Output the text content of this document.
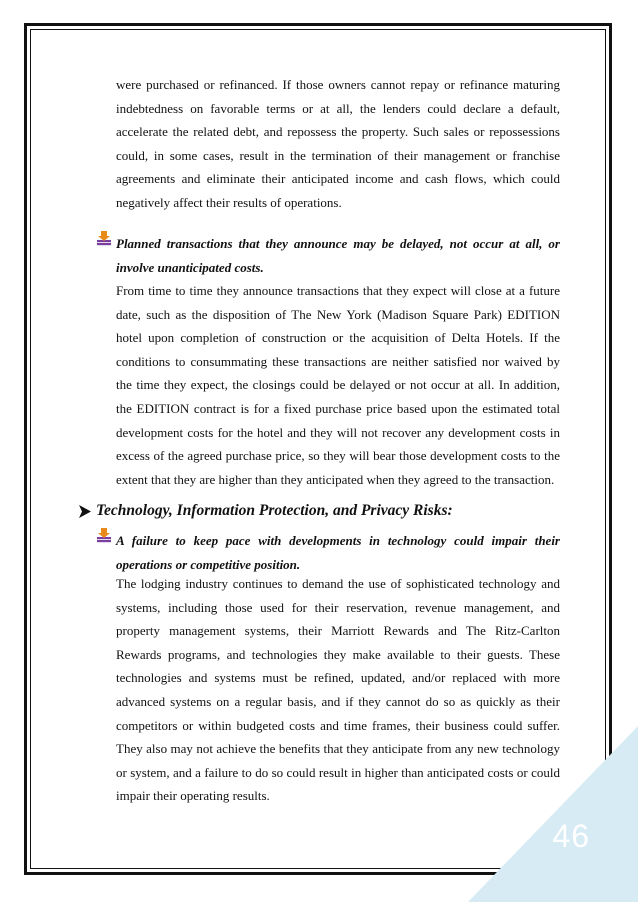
46

were purchased or refinanced. If those owners cannot repay or refinance maturing indebtedness on favorable terms or at all, the lenders could declare a default, accelerate the related debt, and repossess the property. Such sales or repossessions could, in some cases, result in the termination of their management or franchise agreements and eliminate their anticipated income and cash flows, which could negatively affect their results of operations.

Planned transactions that they announce may be delayed, not occur at all, or involve unanticipated costs.

From time to time they announce transactions that they expect will close at a future date, such as the disposition of The New York (Madison Square Park) EDITION hotel upon completion of construction or the acquisition of Delta Hotels. If the conditions to consummating these transactions are neither satisfied nor waived by the time they expect, the closings could be delayed or not occur at all. In addition, the EDITION contract is for a fixed purchase price based upon the estimated total development costs for the hotel and they will not recover any development costs in excess of the agreed purchase price, so they will bear those development costs to the extent that they are higher than they anticipated when they agreed to the transaction.

Technology, Information Protection, and Privacy Risks:

A failure to keep pace with developments in technology could impair their operations or competitive position.

The lodging industry continues to demand the use of sophisticated technology and systems, including those used for their reservation, revenue management, and property management systems, their Marriott Rewards and The Ritz-Carlton Rewards programs, and technologies they make available to their guests. These technologies and systems must be refined, updated, and/or replaced with more advanced systems on a regular basis, and if they cannot do so as quickly as their competitors or within budgeted costs and time frames, their business could suffer. They also may not achieve the benefits that they anticipate from any new technology or system, and a failure to do so could result in higher than anticipated costs or could impair their operating results.
